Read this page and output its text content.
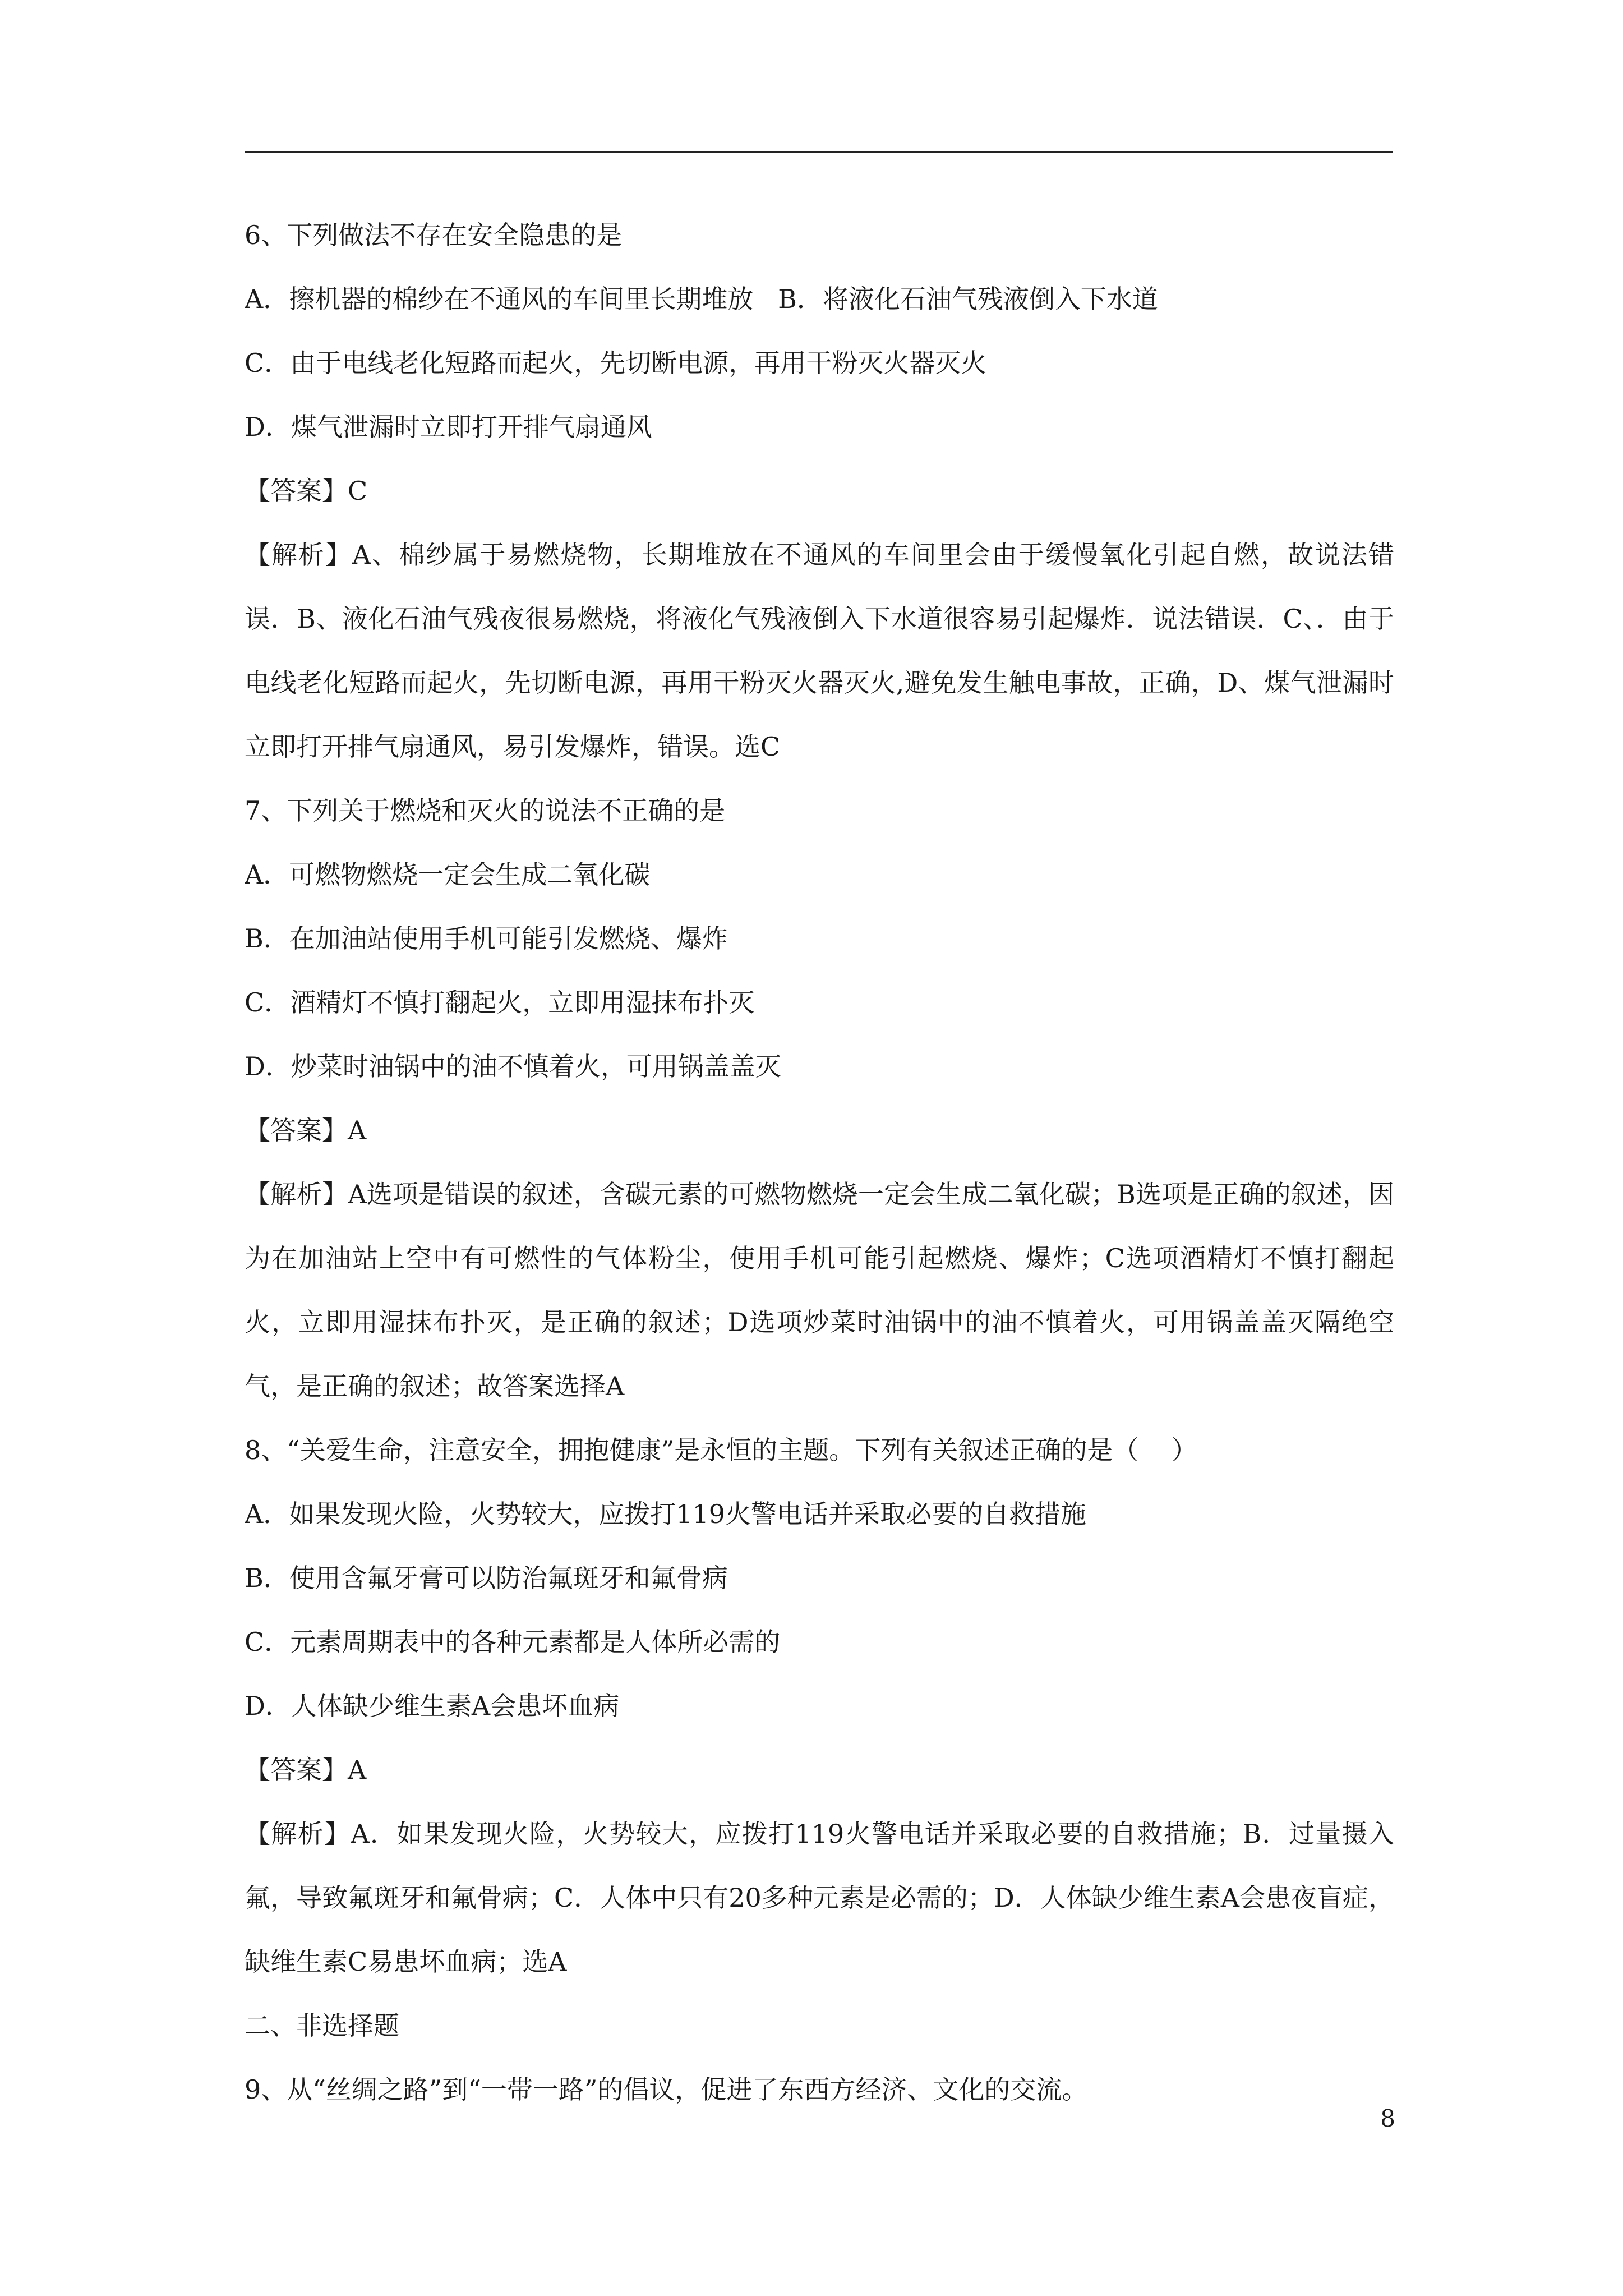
6、下列做法不存在安全隐患的是
A．擦机器的棉纱在不通风的车间里长期堆放   B．将液化石油气残液倒入下水道
C．由于电线老化短路而起火，先切断电源，再用干粉灭火器灭火
D．煤气泄漏时立即打开排气扇通风
【答案】C
【解析】A、棉纱属于易燃烧物，长期堆放在不通风的车间里会由于缓慢氧化引起自燃，故说法错误．B、液化石油气残夜很易燃烧，将液化气残液倒入下水道很容易引起爆炸．说法错误．C、．由于电线老化短路而起火，先切断电源，再用干粉灭火器灭火,避免发生触电事故，正确，D、煤气泄漏时立即打开排气扇通风，易引发爆炸，错误。选C
7、下列关于燃烧和灭火的说法不正确的是
A．可燃物燃烧一定会生成二氧化碳
B．在加油站使用手机可能引发燃烧、爆炸
C．酒精灯不慎打翻起火，立即用湿抹布扑灭
D．炒菜时油锅中的油不慎着火，可用锅盖盖灭
【答案】A
【解析】A选项是错误的叙述，含碳元素的可燃物燃烧一定会生成二氧化碳；B选项是正确的叙述，因为在加油站上空中有可燃性的气体粉尘，使用手机可能引起燃烧、爆炸；C选项酒精灯不慎打翻起火，立即用湿抹布扑灭，是正确的叙述；D选项炒菜时油锅中的油不慎着火，可用锅盖盖灭隔绝空气，是正确的叙述；故答案选择A
8、“关爱生命，注意安全，拥抱健康”是永恒的主题。下列有关叙述正确的是（    ）
A．如果发现火险，火势较大，应拨打119火警电话并采取必要的自救措施
B．使用含氟牙膏可以防治氟斑牙和氟骨病
C．元素周期表中的各种元素都是人体所必需的
D．人体缺少维生素A会患坏血病
【答案】A
【解析】A．如果发现火险，火势较大，应拨打119火警电话并采取必要的自救措施；B．过量摄入氟，导致氟斑牙和氟骨病；C．人体中只有20多种元素是必需的；D．人体缺少维生素A会患夜盲症，缺维生素C易患坏血病；选A
二、非选择题
9、从“丝绸之路”到“一带一路”的倡议，促进了东西方经济、文化的交流。
8
